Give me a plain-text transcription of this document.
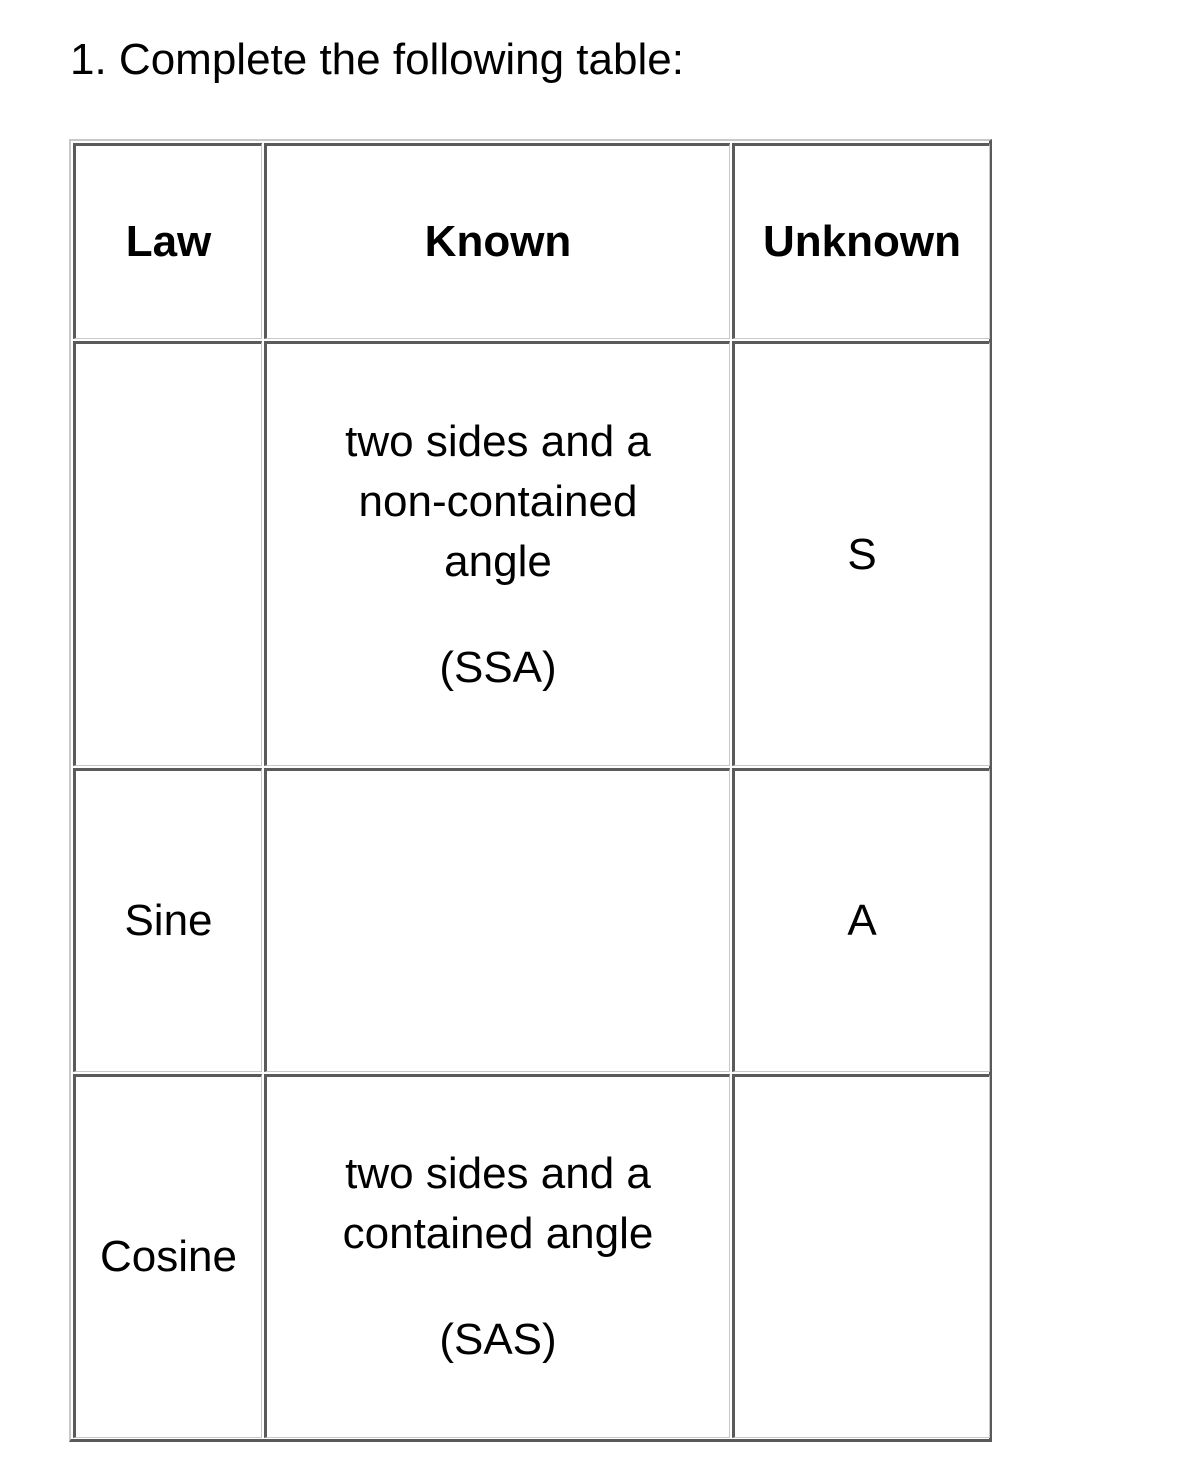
1. Complete the following table:
Law	Known	Unknown

	two sides and a
non-contained
angle
(SSA)	S
Sine		A
Cosine	two sides and a
contained angle
(SAS)	
